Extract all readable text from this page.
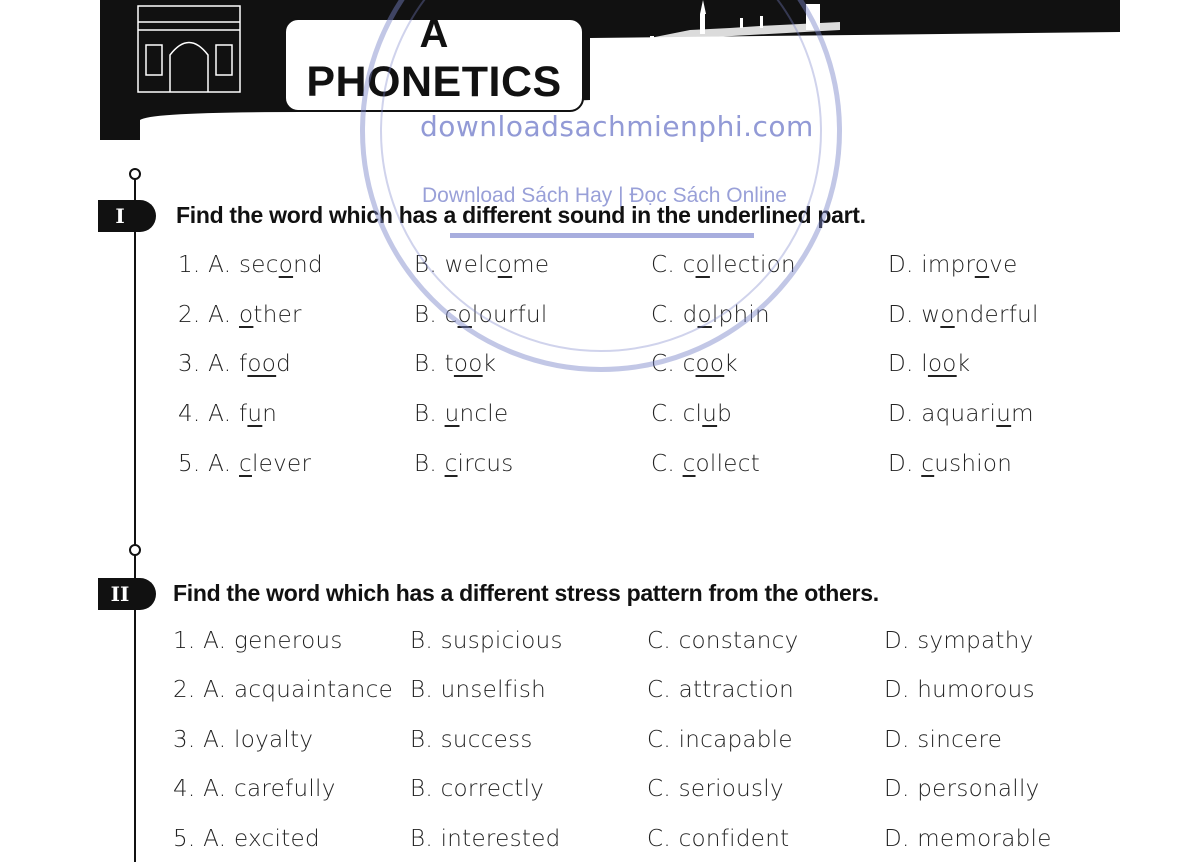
A
PHONETICS
I	Find the word which has a different sound in the underlined part.
1. A. second	B. welcome	C. collection	D. improve
2. A. other	B. colourful	C. dolphin	D. wonderful
3. A. food	B. took	C. cook	D. look
4. A. fun	B. uncle	C. club	D. aquarium
5. A. clever	B. circus	C. collect	D. cushion
II	Find the word which has a different stress pattern from the others.
1. A. generous	B. suspicious	C. constancy	D. sympathy
2. A. acquaintance B. unselfish	C. attraction	D. humorous
3. A. loyalty	B. success	C. incapable	D. sincere
4. A. carefully	B. correctly	C. seriously	D. personally
5. A. excited	B. interested	C. confident	D. memorable
downloadsachmienphi.com
Download Sách Hay | Đọc Sách Online
